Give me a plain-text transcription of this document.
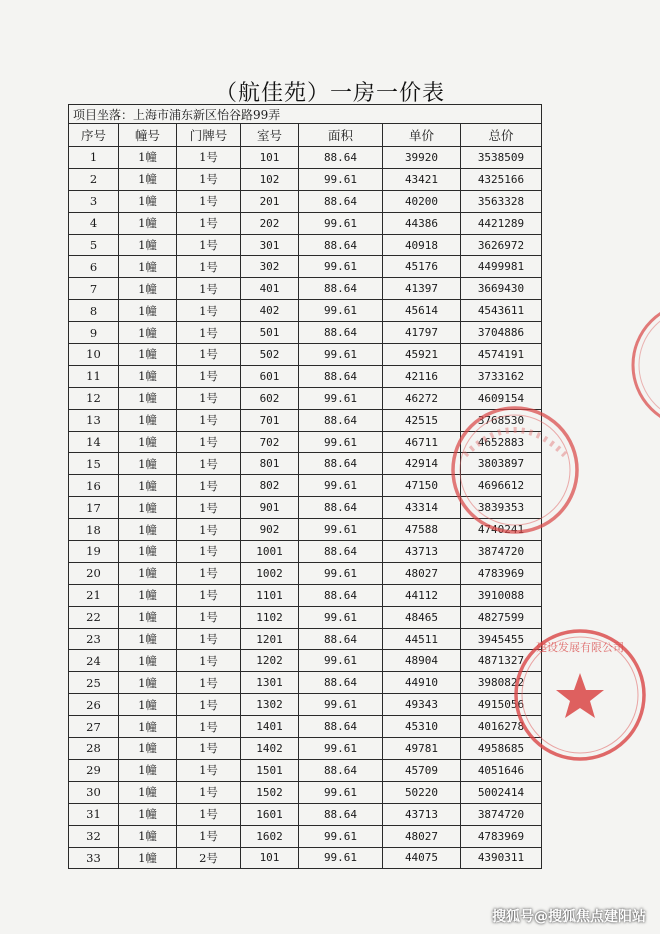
（航佳苑）一房一价表
项目坐落：上海市浦东新区怡谷路99弄						
序号	幢号	门牌号	室号	面积	单价	总价
1	1幢	1号	101	88.64	39920	3538509
2	1幢	1号	102	99.61	43421	4325166
3	1幢	1号	201	88.64	40200	3563328
4	1幢	1号	202	99.61	44386	4421289
5	1幢	1号	301	88.64	40918	3626972
6	1幢	1号	302	99.61	45176	4499981
7	1幢	1号	401	88.64	41397	3669430
8	1幢	1号	402	99.61	45614	4543611
9	1幢	1号	501	88.64	41797	3704886
10	1幢	1号	502	99.61	45921	4574191
11	1幢	1号	601	88.64	42116	3733162
12	1幢	1号	602	99.61	46272	4609154
13	1幢	1号	701	88.64	42515	3768530
14	1幢	1号	702	99.61	46711	4652883
15	1幢	1号	801	88.64	42914	3803897
16	1幢	1号	802	99.61	47150	4696612
17	1幢	1号	901	88.64	43314	3839353
18	1幢	1号	902	99.61	47588	4740241
19	1幢	1号	1001	88.64	43713	3874720
20	1幢	1号	1002	99.61	48027	4783969
21	1幢	1号	1101	88.64	44112	3910088
22	1幢	1号	1102	99.61	48465	4827599
23	1幢	1号	1201	88.64	44511	3945455
24	1幢	1号	1202	99.61	48904	4871327
25	1幢	1号	1301	88.64	44910	3980822
26	1幢	1号	1302	99.61	49343	4915056
27	1幢	1号	1401	88.64	45310	4016278
28	1幢	1号	1402	99.61	49781	4958685
29	1幢	1号	1501	88.64	45709	4051646
30	1幢	1号	1502	99.61	50220	5002414
31	1幢	1号	1601	88.64	43713	3874720
32	1幢	1号	1602	99.61	48027	4783969
33	1幢	2号	101	99.61	44075	4390311
建设发展有限公司
搜狐号@搜狐焦点建阳站
